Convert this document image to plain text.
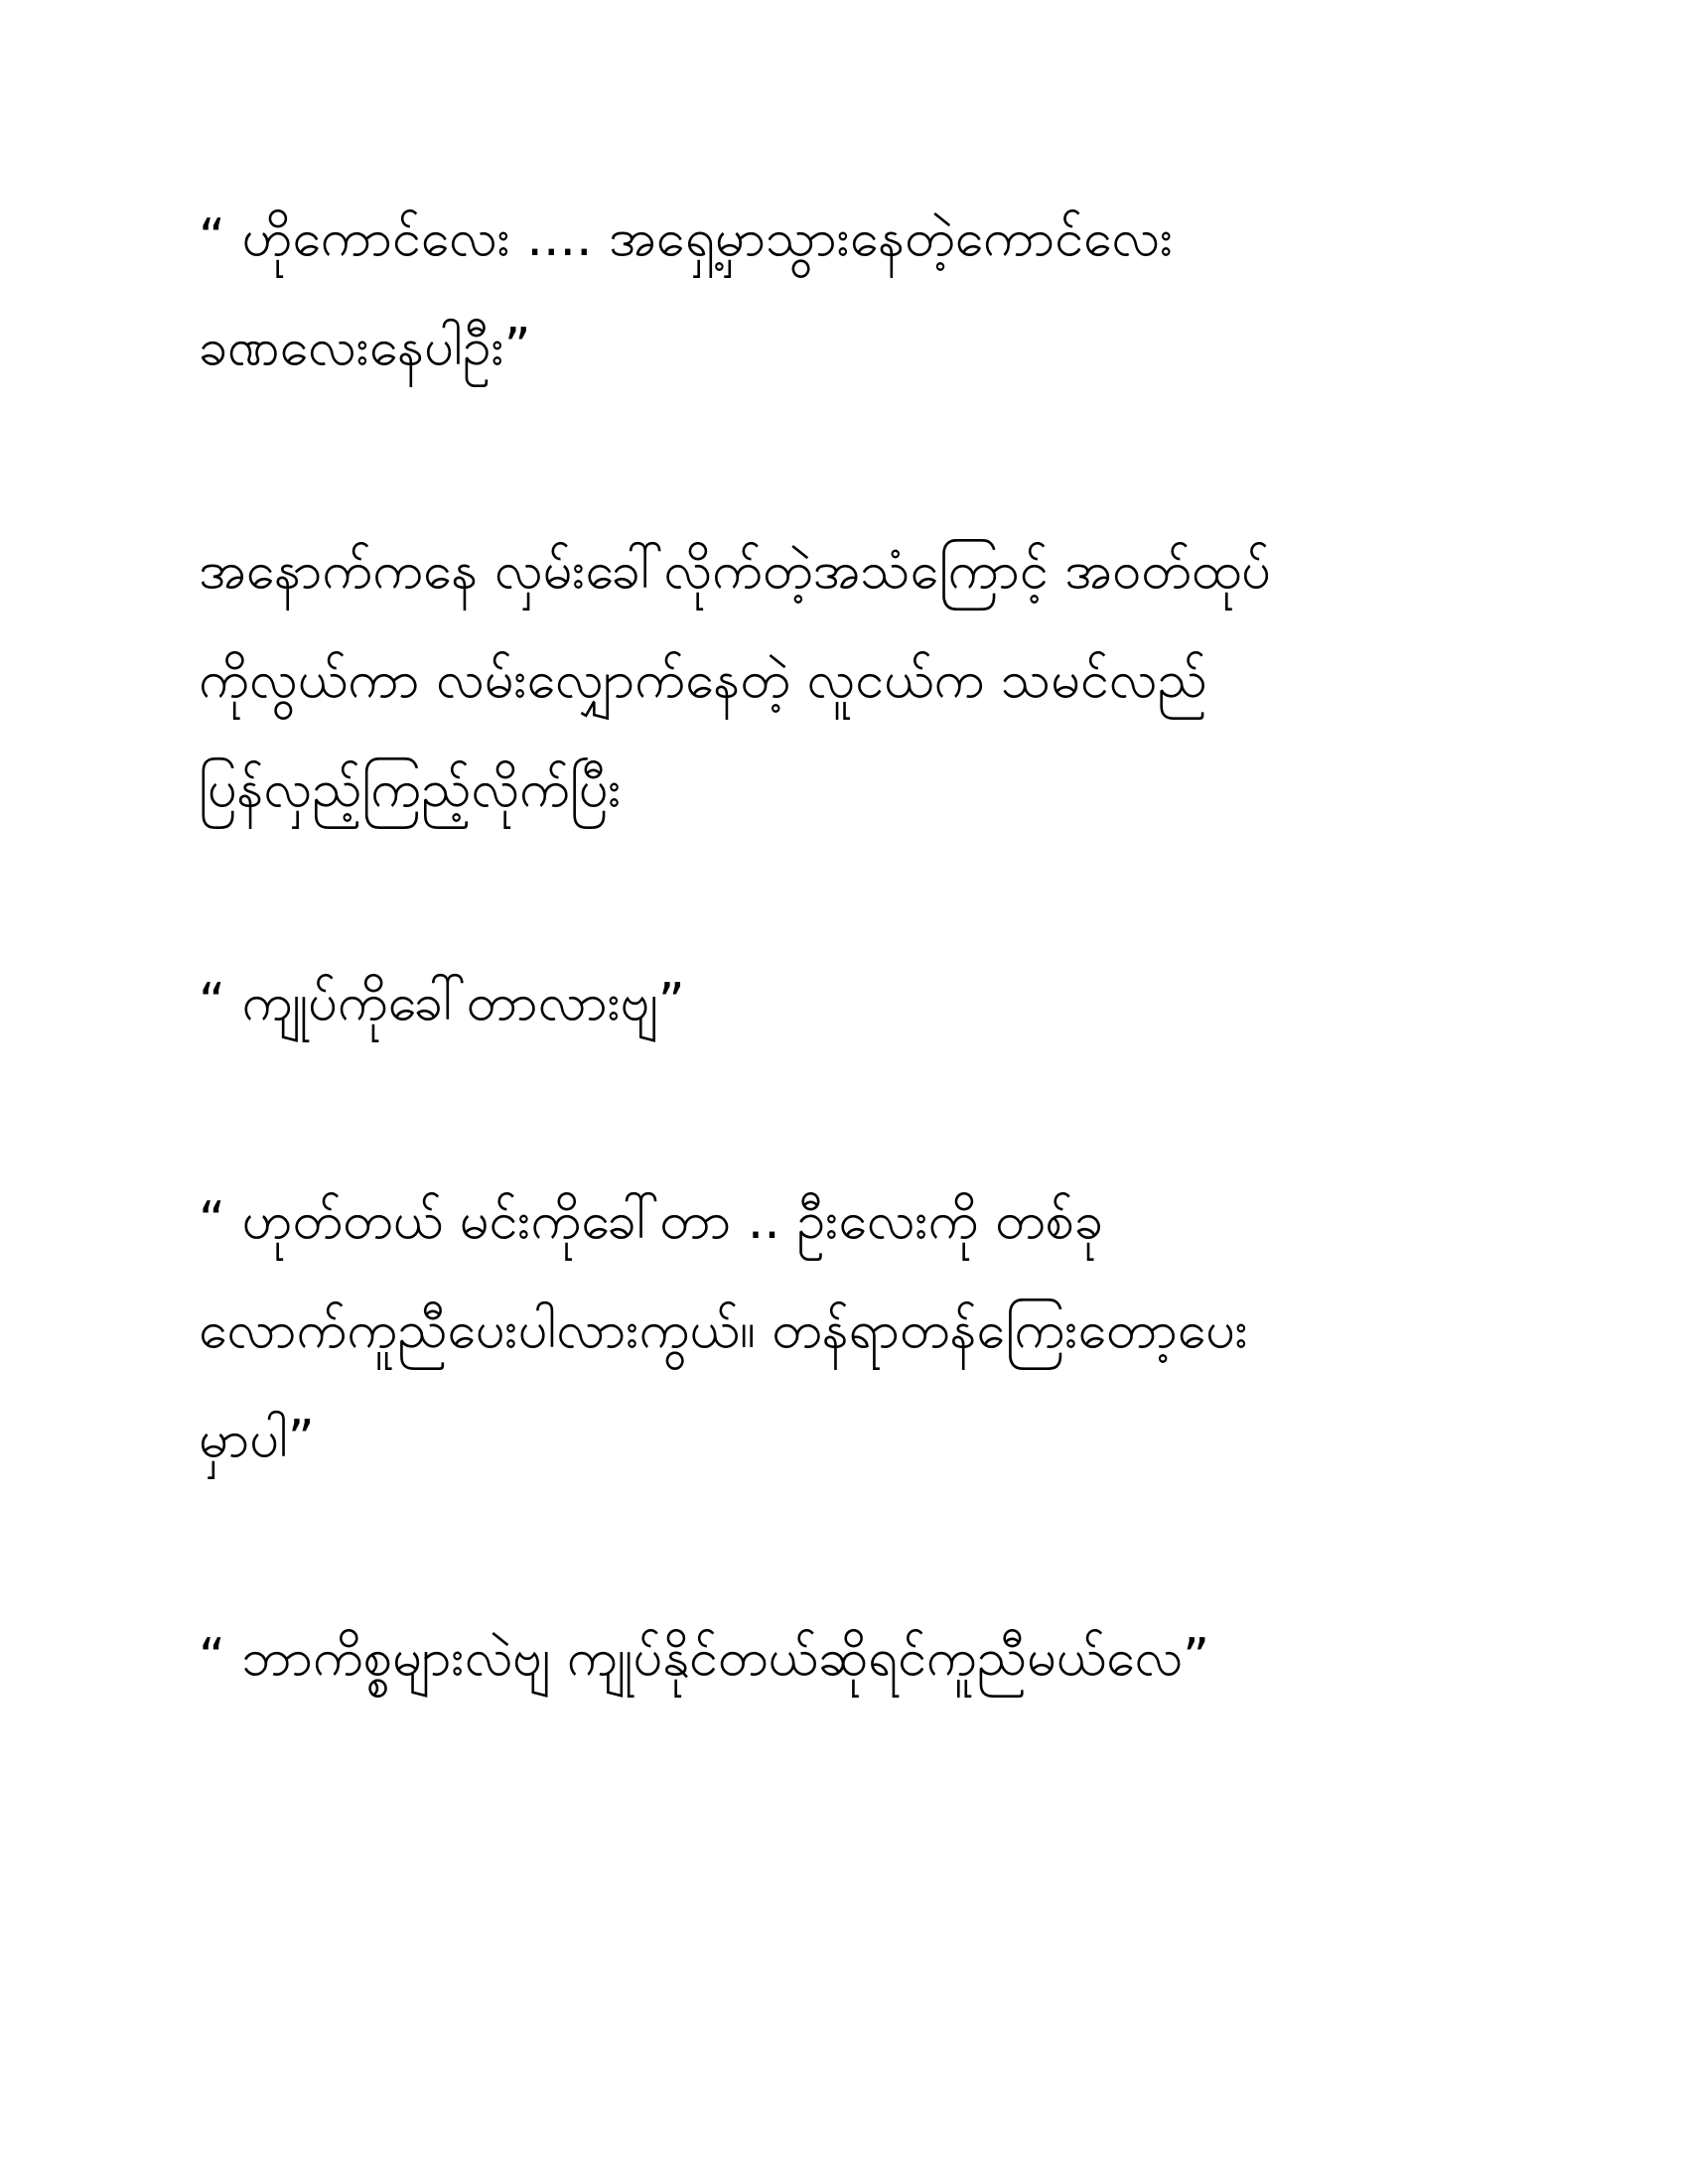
“ ဟိုကောင်လေး .... အရှေ့မှာသွားနေတဲ့ကောင်လေး
ခဏလေးနေပါဦး”

အနောက်ကနေ လှမ်းခေါ်လိုက်တဲ့အသံကြောင့် အဝတ်ထုပ်
ကိုလွယ်ကာ လမ်းလျှောက်နေတဲ့ လူငယ်က သမင်လည်
ပြန်လှည့်ကြည့်လိုက်ပြီး

“ ကျုပ်ကိုခေါ်တာလားဗျ”

“ ဟုတ်တယ် မင်းကိုခေါ်တာ .. ဦးလေးကို တစ်ခု
လောက်ကူညီပေးပါလားကွယ်။ တန်ရာတန်ကြေးတော့ပေး
မှာပါ”

“ ဘာကိစ္စများလဲဗျ ကျုပ်နိုင်တယ်ဆိုရင်ကူညီမယ်လေ”
